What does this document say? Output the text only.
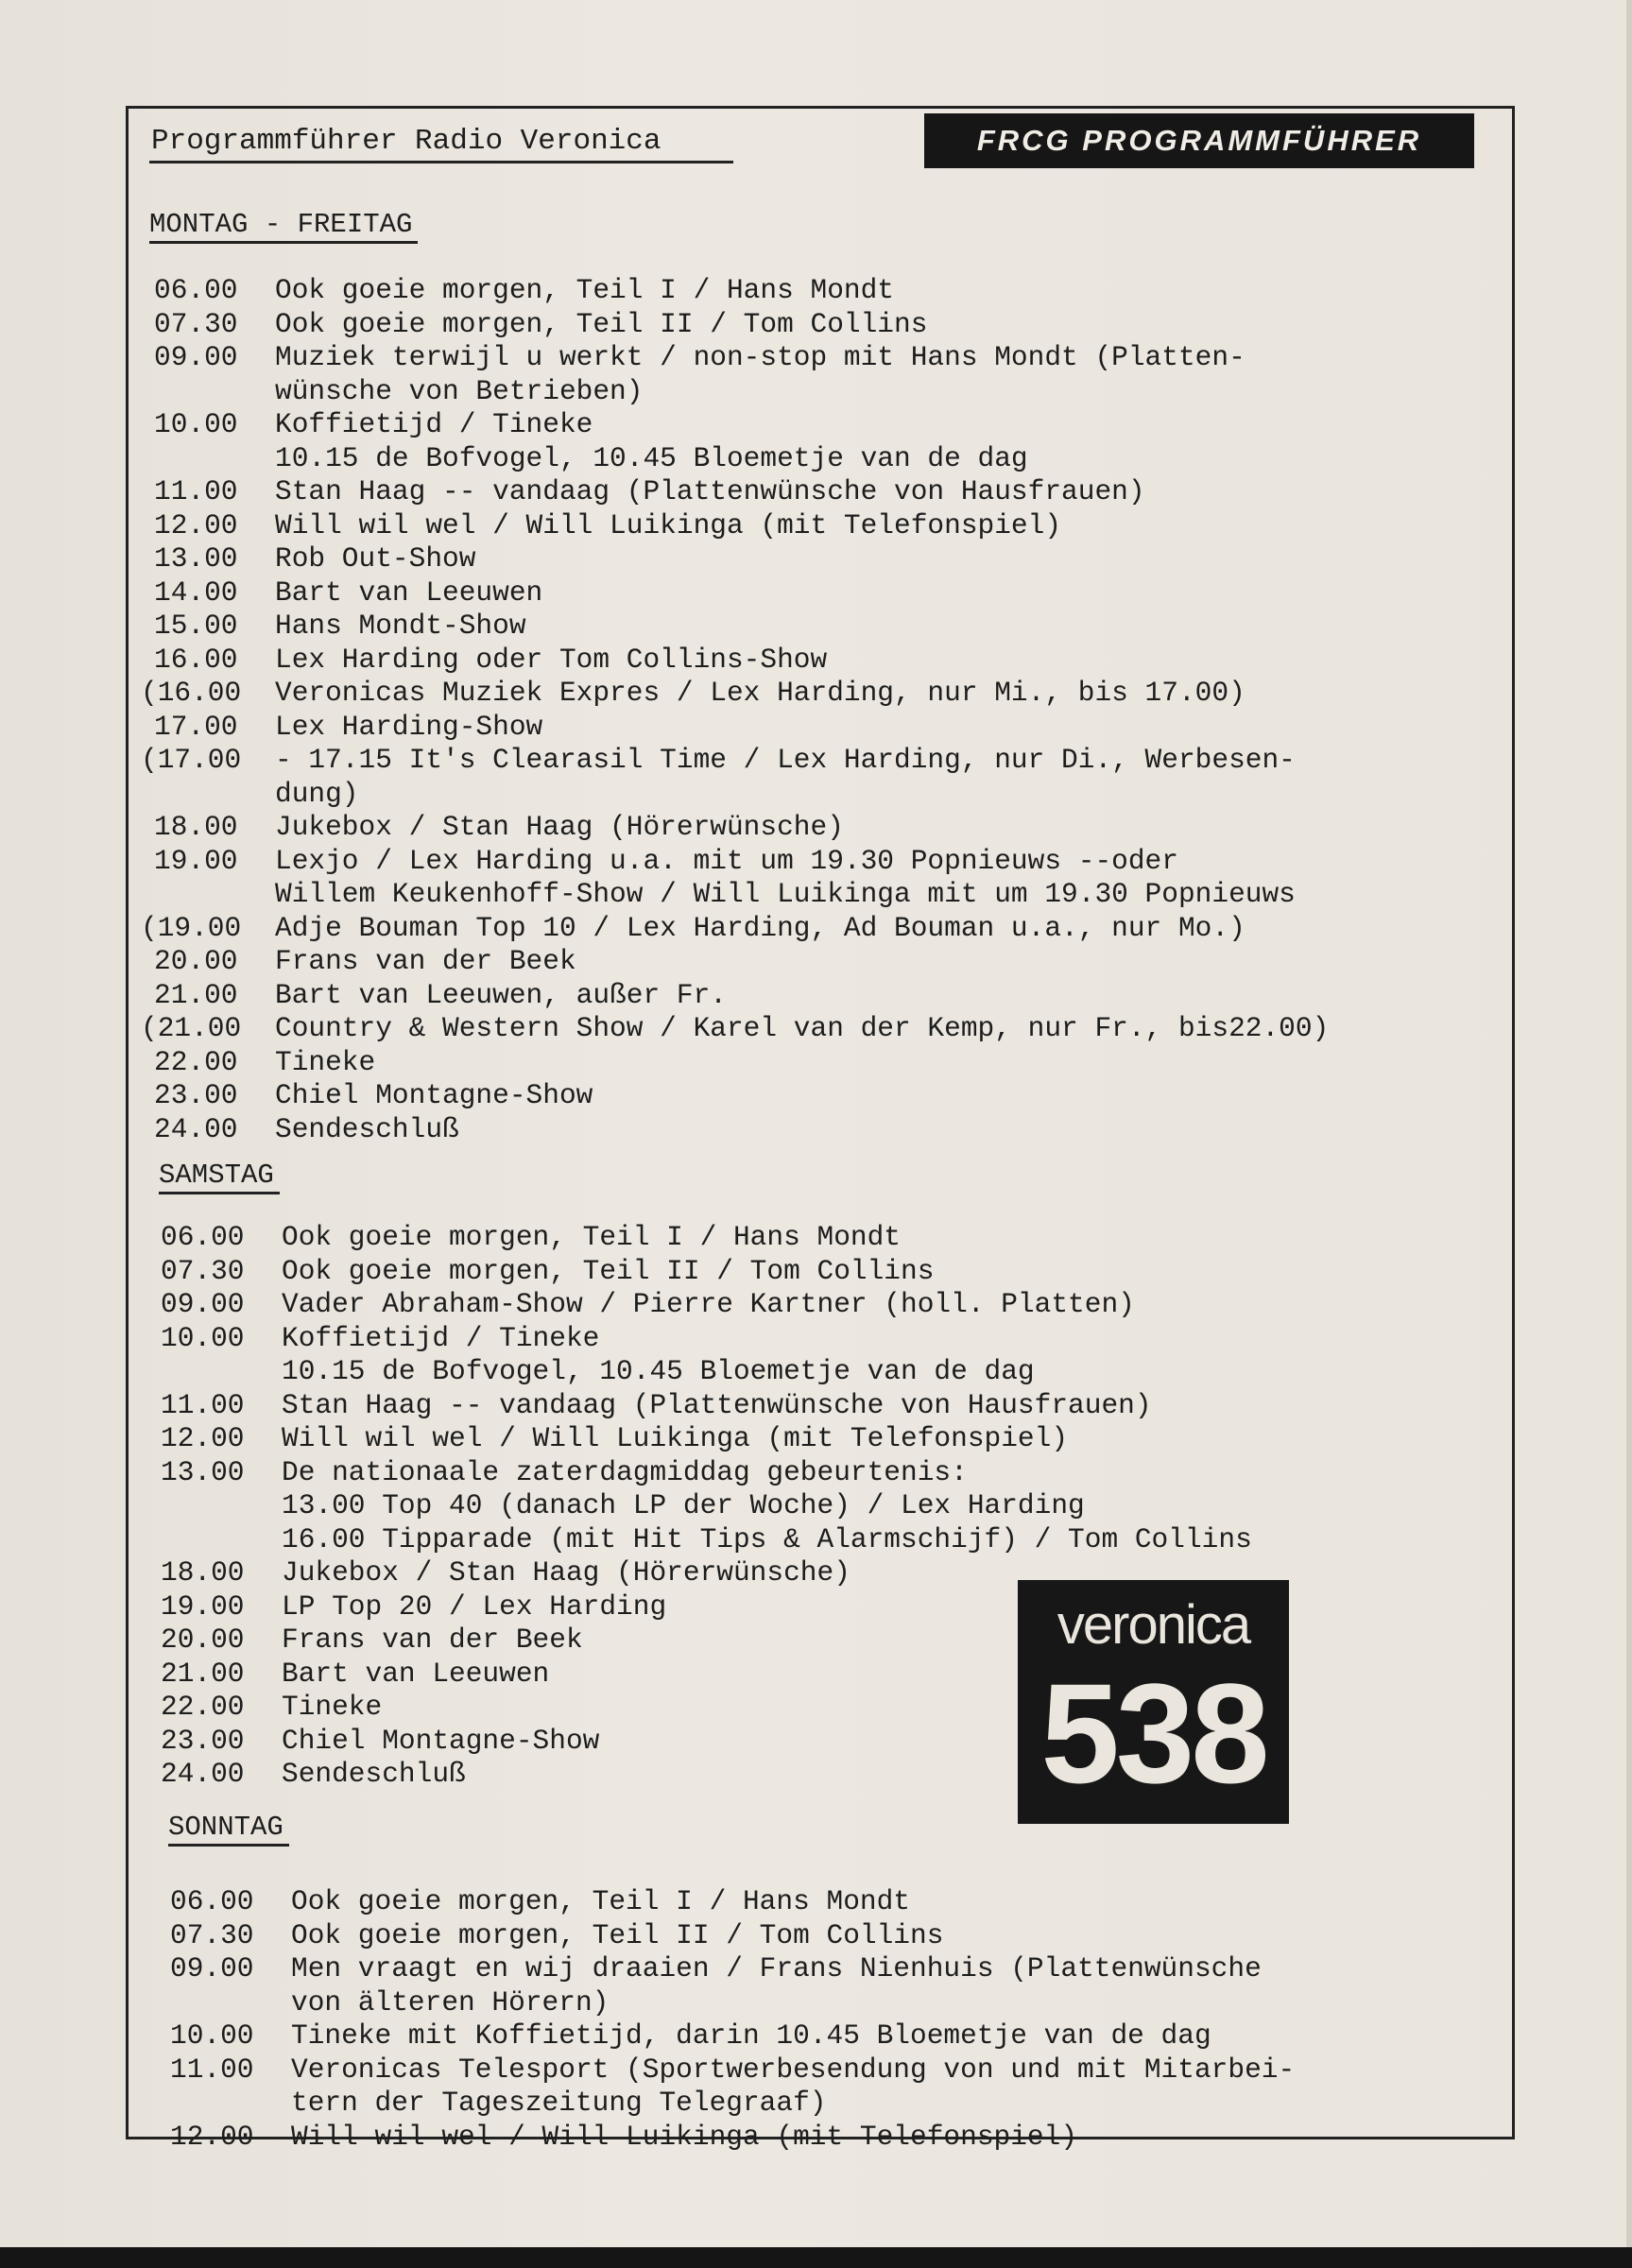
Programmführer Radio Veronica	FRCG PROGRAMMFÜHRER
MONTAG - FREITAG
06.00 Ook goeie morgen, Teil I / Hans Mondt
07.30 Ook goeie morgen, Teil II / Tom Collins
09.00 Muziek terwijl u werkt / non-stop mit Hans Mondt (Platten-
wünsche von Betrieben)
10.00 Koffietijd / Tineke
10.15 de Bofvogel, 10.45 Bloemetje van de dag
11.00 Stan Haag -- vandaag (Plattenwünsche von Hausfrauen)
12.00 Will wil wel / Will Luikinga (mit Telefonspiel)
13.00 Rob Out-Show
14.00 Bart van Leeuwen
15.00 Hans Mondt-Show
16.00 Lex Harding oder Tom Collins-Show
(16.00 Veronicas Muziek Expres / Lex Harding, nur Mi., bis 17.00)
17.00 Lex Harding-Show
(17.00 - 17.15 It's Clearasil Time / Lex Harding, nur Di., Werbesen-
dung)
18.00 Jukebox / Stan Haag (Hörerwünsche)
19.00 Lexjo / Lex Harding u.a. mit um 19.30 Popnieuws --oder
Willem Keukenhoff-Show / Will Luikinga mit um 19.30 Popnieuws
(19.00 Adje Bouman Top 10 / Lex Harding, Ad Bouman u.a., nur Mo.)
20.00 Frans van der Beek
21.00 Bart van Leeuwen, außer Fr.
(21.00 Country & Western Show / Karel van der Kemp, nur Fr., bis22.00)
22.00 Tineke
23.00 Chiel Montagne-Show
24.00 Sendeschluß
SAMSTAG
06.00 Ook goeie morgen, Teil I / Hans Mondt
07.30 Ook goeie morgen, Teil II / Tom Collins
09.00 Vader Abraham-Show / Pierre Kartner (holl. Platten)
10.00 Koffietijd / Tineke
10.15 de Bofvogel, 10.45 Bloemetje van de dag
11.00 Stan Haag -- vandaag (Plattenwünsche von Hausfrauen)
12.00 Will wil wel / Will Luikinga (mit Telefonspiel)
13.00 De nationaale zaterdagmiddag gebeurtenis:
13.00 Top 40 (danach LP der Woche) / Lex Harding
16.00 Tipparade (mit Hit Tips & Alarmschijf) / Tom Collins
18.00 Jukebox / Stan Haag (Hörerwünsche)
19.00 LP Top 20 / Lex Harding
20.00 Frans van der Beek
21.00 Bart van Leeuwen
22.00 Tineke
23.00 Chiel Montagne-Show
24.00 Sendeschluß
SONNTAG
06.00 Ook goeie morgen, Teil I / Hans Mondt
07.30 Ook goeie morgen, Teil II / Tom Collins
09.00 Men vraagt en wij draaien / Frans Nienhuis (Plattenwünsche
von älteren Hörern)
10.00 Tineke mit Koffietijd, darin 10.45 Bloemetje van de dag
11.00 Veronicas Telesport (Sportwerbesendung von und mit Mitarbei-
tern der Tageszeitung Telegraaf)
12.00 Will wil wel / Will Luikinga (mit Telefonspiel)
veronica
538
